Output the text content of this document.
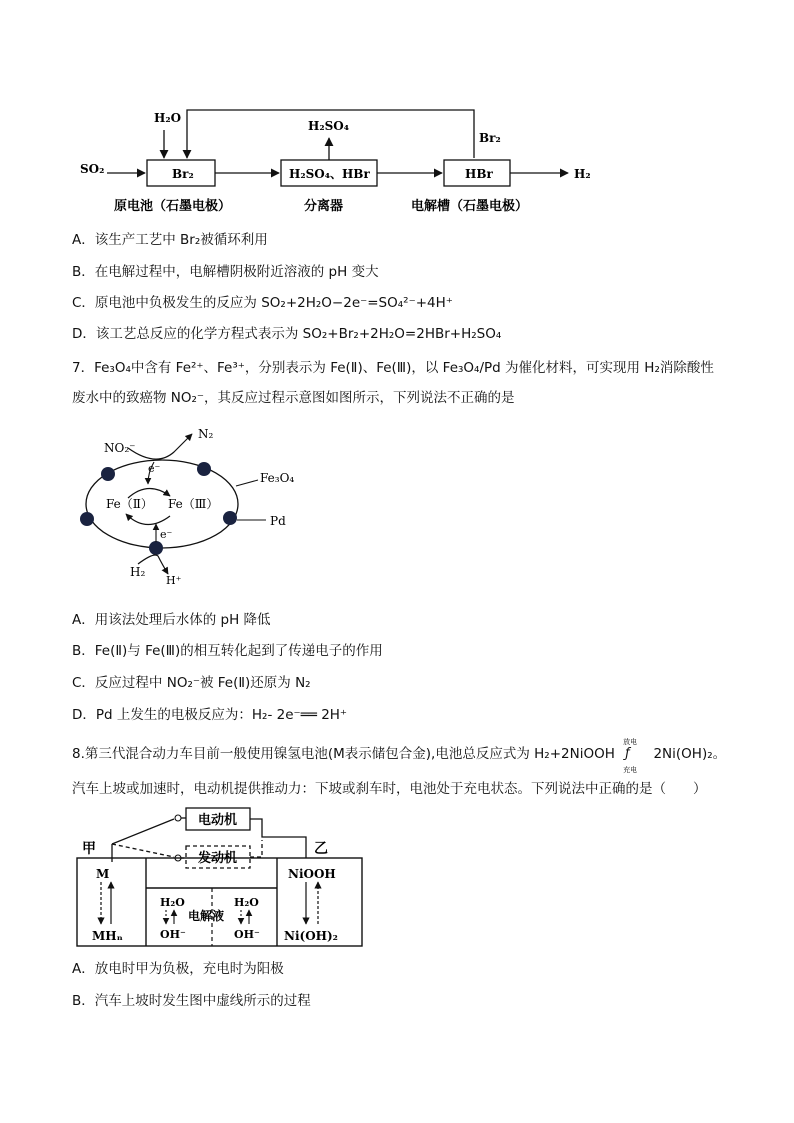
SO₂
H₂O
Br₂
H₂SO₄
H₂SO₄、HBr
Br₂
HBr	H₂
原电池（石墨电极）	分离器	电解槽（石墨电极）
A．该生产工艺中 Br₂被循环利用
B．在电解过程中，电解槽阴极附近溶液的 pH 变大
C．原电池中负极发生的反应为 SO₂+2H₂O−2e⁻=SO₄²⁻+4H⁺
D．该工艺总反应的化学方程式表示为 SO₂+Br₂+2H₂O=2HBr+H₂SO₄
7．Fe₃O₄中含有 Fe²⁺、Fe³⁺，分别表示为 Fe(Ⅱ)、Fe(Ⅲ)，以 Fe₃O₄/Pd 为催化材料，可实现用 H₂消除酸性
废水中的致癌物 NO₂⁻，其反应过程示意图如图所示，下列说法不正确的是
NO₂⁻
N₂
e⁻
Fe（Ⅱ） Fe（Ⅲ）
Fe₃O₄
Pd
e⁻
H₂
H⁺
A．用该法处理后水体的 pH 降低
B．Fe(Ⅱ)与 Fe(Ⅲ)的相互转化起到了传递电子的作用
C．反应过程中 NO₂⁻被 Fe(Ⅱ)还原为 N₂
D．Pd 上发生的电极反应为：H₂- 2e⁻══ 2H⁺
8.第三代混合动力车目前一般使用镍氢电池(M表示储包合金),电池总反应式为 H₂+2NiOOH
放电
ƒ
充电
2Ni(OH)₂。
汽车上坡或加速时，电动机提供推动力：下坡或刹车时，电池处于充电状态。下列说法中正确的是（　　）
电动机
发动机
甲	乙
M
MHₙ
H₂O
OH⁻
电解液
H₂O
OH⁻
NiOOH
Ni(OH)₂
A．放电时甲为负极，充电时为阳极
B．汽车上坡时发生图中虚线所示的过程
